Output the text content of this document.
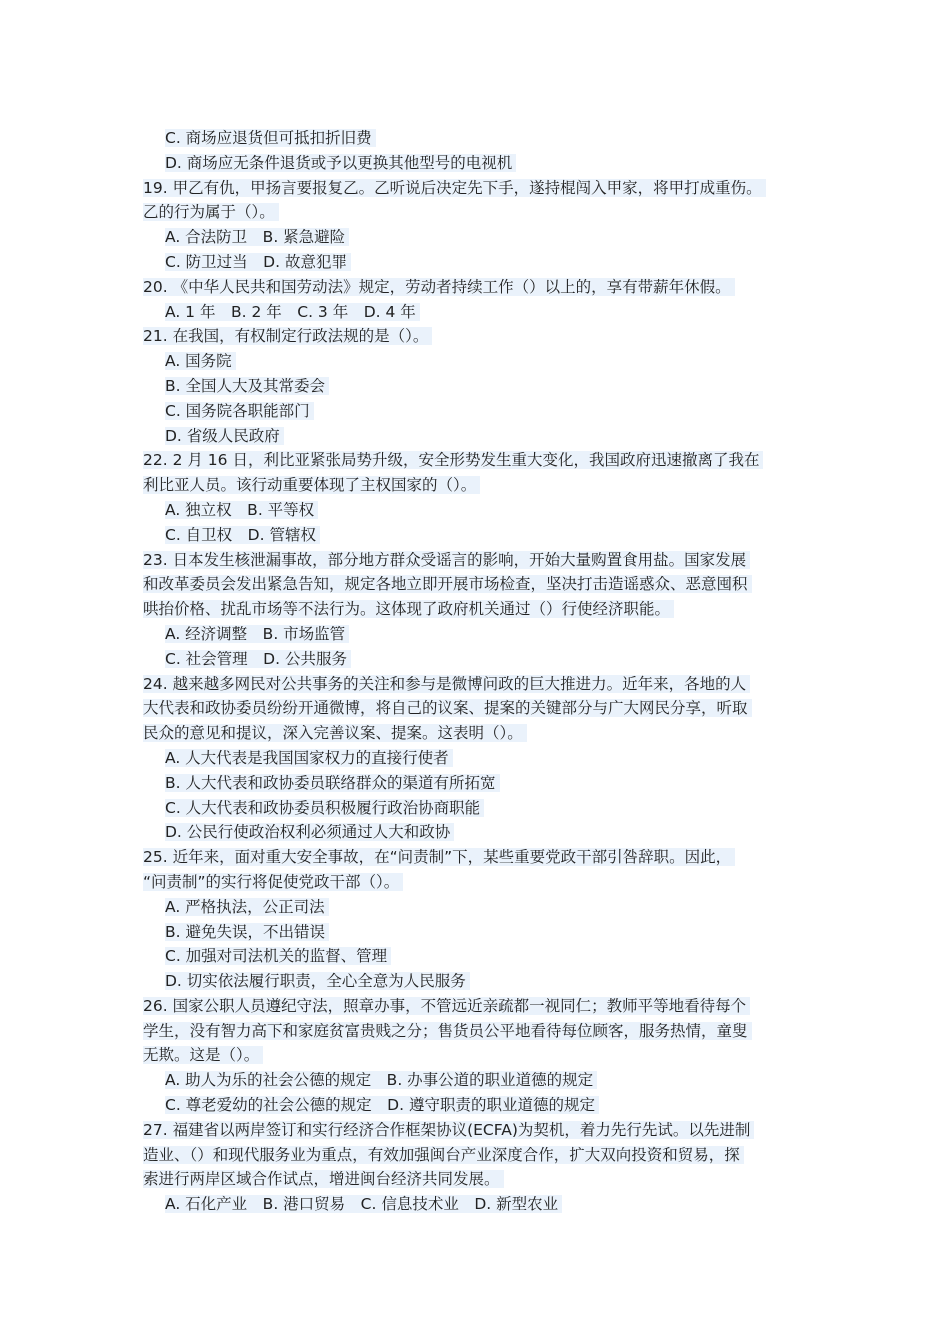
C. 商场应退货但可抵扣折旧费
D. 商场应无条件退货或予以更换其他型号的电视机
19. 甲乙有仇，甲扬言要报复乙。乙听说后决定先下手，遂持棍闯入甲家，将甲打成重伤。
乙的行为属于（）。
A. 合法防卫　B. 紧急避险
C. 防卫过当　D. 故意犯罪
20. 《中华人民共和国劳动法》规定，劳动者持续工作（）以上的，享有带薪年休假。
A. 1 年　B. 2 年　C. 3 年　D. 4 年
21. 在我国，有权制定行政法规的是（）。
A. 国务院
B. 全国人大及其常委会
C. 国务院各职能部门
D. 省级人民政府
22. 2 月 16 日，利比亚紧张局势升级，安全形势发生重大变化，我国政府迅速撤离了我在
利比亚人员。该行动重要体现了主权国家的（）。
A. 独立权　B. 平等权
C. 自卫权　D. 管辖权
23. 日本发生核泄漏事故，部分地方群众受谣言的影响，开始大量购置食用盐。国家发展
和改革委员会发出紧急告知，规定各地立即开展市场检查，坚决打击造谣惑众、恶意囤积
哄抬价格、扰乱市场等不法行为。这体现了政府机关通过（）行使经济职能。
A. 经济调整　B. 市场监管
C. 社会管理　D. 公共服务
24. 越来越多网民对公共事务的关注和参与是微博问政的巨大推进力。近年来，各地的人
大代表和政协委员纷纷开通微博，将自己的议案、提案的关键部分与广大网民分享，听取
民众的意见和提议，深入完善议案、提案。这表明（）。
A. 人大代表是我国国家权力的直接行使者
B. 人大代表和政协委员联络群众的渠道有所拓宽
C. 人大代表和政协委员积极履行政治协商职能
D. 公民行使政治权利必须通过人大和政协
25. 近年来，面对重大安全事故，在“问责制”下，某些重要党政干部引咎辞职。因此，
“问责制”的实行将促使党政干部（）。
A. 严格执法，公正司法
B. 避免失误，不出错误
C. 加强对司法机关的监督、管理
D. 切实依法履行职责，全心全意为人民服务
26. 国家公职人员遵纪守法，照章办事，不管远近亲疏都一视同仁；教师平等地看待每个
学生，没有智力高下和家庭贫富贵贱之分；售货员公平地看待每位顾客，服务热情，童叟
无欺。这是（）。
A. 助人为乐的社会公德的规定　B. 办事公道的职业道德的规定
C. 尊老爱幼的社会公德的规定　D. 遵守职责的职业道德的规定
27. 福建省以两岸签订和实行经济合作框架协议(ECFA)为契机，着力先行先试。以先进制
造业、（）和现代服务业为重点，有效加强闽台产业深度合作，扩大双向投资和贸易，探
索进行两岸区域合作试点，增进闽台经济共同发展。
A. 石化产业　B. 港口贸易　C. 信息技术业　D. 新型农业
